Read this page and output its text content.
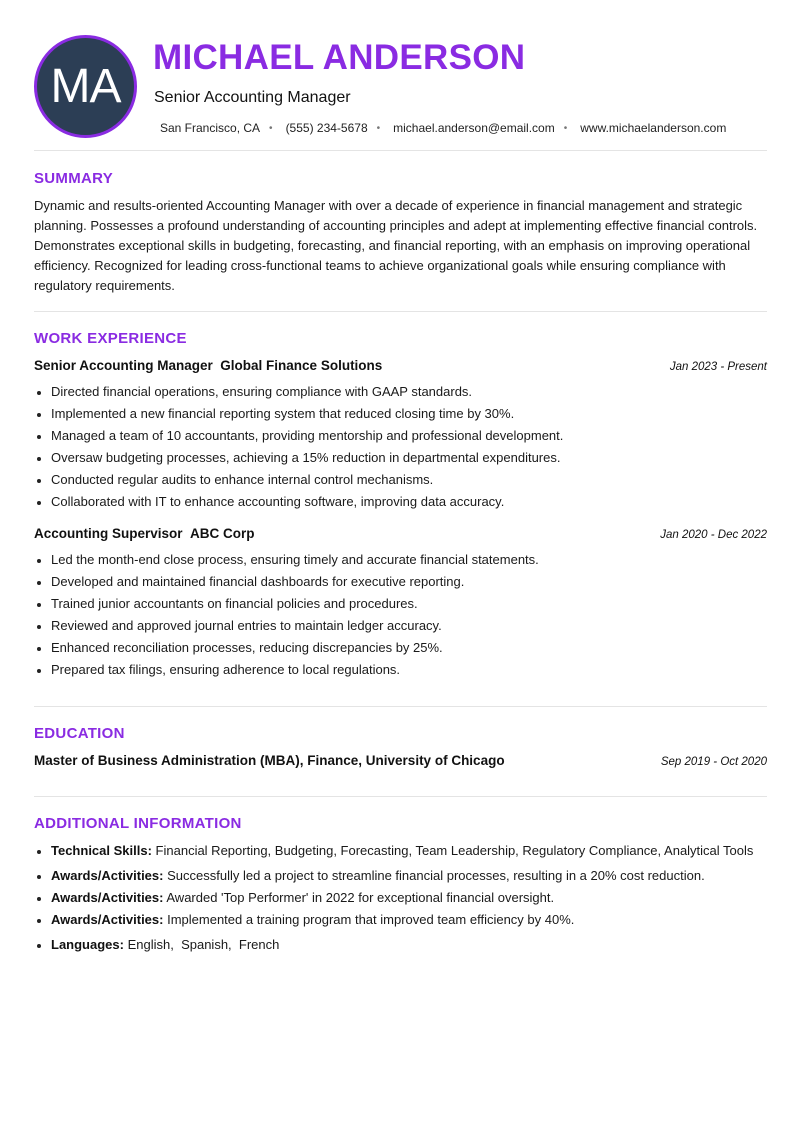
MA
MICHAEL ANDERSON
Senior Accounting Manager
San Francisco, CA • (555) 234-5678 • michael.anderson@email.com • www.michaelanderson.com
SUMMARY
Dynamic and results-oriented Accounting Manager with over a decade of experience in financial management and strategic planning. Possesses a profound understanding of accounting principles and adept at implementing effective financial controls. Demonstrates exceptional skills in budgeting, forecasting, and financial reporting, with an emphasis on improving operational efficiency. Recognized for leading cross-functional teams to achieve organizational goals while ensuring compliance with regulatory requirements.
WORK EXPERIENCE
Senior Accounting Manager Global Finance Solutions	Jan 2023 - Present
Directed financial operations, ensuring compliance with GAAP standards.
Implemented a new financial reporting system that reduced closing time by 30%.
Managed a team of 10 accountants, providing mentorship and professional development.
Oversaw budgeting processes, achieving a 15% reduction in departmental expenditures.
Conducted regular audits to enhance internal control mechanisms.
Collaborated with IT to enhance accounting software, improving data accuracy.
Accounting Supervisor ABC Corp	Jan 2020 - Dec 2022
Led the month-end close process, ensuring timely and accurate financial statements.
Developed and maintained financial dashboards for executive reporting.
Trained junior accountants on financial policies and procedures.
Reviewed and approved journal entries to maintain ledger accuracy.
Enhanced reconciliation processes, reducing discrepancies by 25%.
Prepared tax filings, ensuring adherence to local regulations.
EDUCATION
Master of Business Administration (MBA), Finance, University of Chicago	Sep 2019 - Oct 2020
ADDITIONAL INFORMATION
Technical Skills: Financial Reporting, Budgeting, Forecasting, Team Leadership, Regulatory Compliance, Analytical Tools
Awards/Activities: Successfully led a project to streamline financial processes, resulting in a 20% cost reduction.
Awards/Activities: Awarded 'Top Performer' in 2022 for exceptional financial oversight.
Awards/Activities: Implemented a training program that improved team efficiency by 40%.
Languages: English,  Spanish,  French
